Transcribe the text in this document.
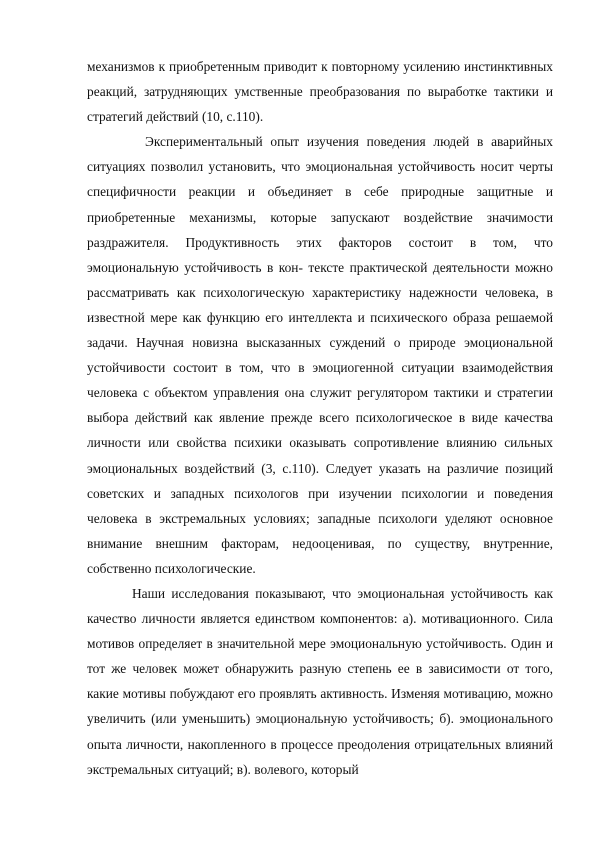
механизмов к приобретенным приводит к повторному усилению инстинктивных реакций, затрудняющих умственные преобразования по выработке тактики и стратегий действий (10, с.110).

Экспериментальный опыт изучения поведения людей в аварийных ситуациях позволил установить, что эмоциональная устойчивость носит черты специфичности реакции и объединяет в себе природные защитные и приобретенные механизмы, которые запускают воздействие значимости раздражителя. Продуктивность этих факторов состоит в том, что эмоциональную устойчивость в кон- тексте практической деятельности можно рассматривать как психологическую характеристику надежности человека, в известной мере как функцию его интеллекта и психического образа решаемой задачи. Научная новизна высказанных суждений о природе эмоциональной устойчивости состоит в том, что в эмоциогенной ситуации взаимодействия человека с объектом управления она служит регулятором тактики и стратегии выбора действий как явление прежде всего психологическое в виде качества личности или свойства психики оказывать сопротивление влиянию сильных эмоциональных воздействий (3, с.110). Следует указать на различие позиций советских и западных психологов при изучении психологии и поведения человека в экстремальных условиях; западные психологи уделяют основное внимание внешним факторам, недооценивая, по существу, внутренние, собственно психологические.

Наши исследования показывают, что эмоциональная устойчивость как качество личности является единством компонентов: а). мотивационного. Сила мотивов определяет в значительной мере эмоциональную устойчивость. Один и тот же человек может обнаружить разную степень ее в зависимости от того, какие мотивы побуждают его проявлять активность. Изменяя мотивацию, можно увеличить (или уменьшить) эмоциональную устойчивость; б). эмоционального опыта личности, накопленного в процессе преодоления отрицательных влияний экстремальных ситуаций; в). волевого, который
